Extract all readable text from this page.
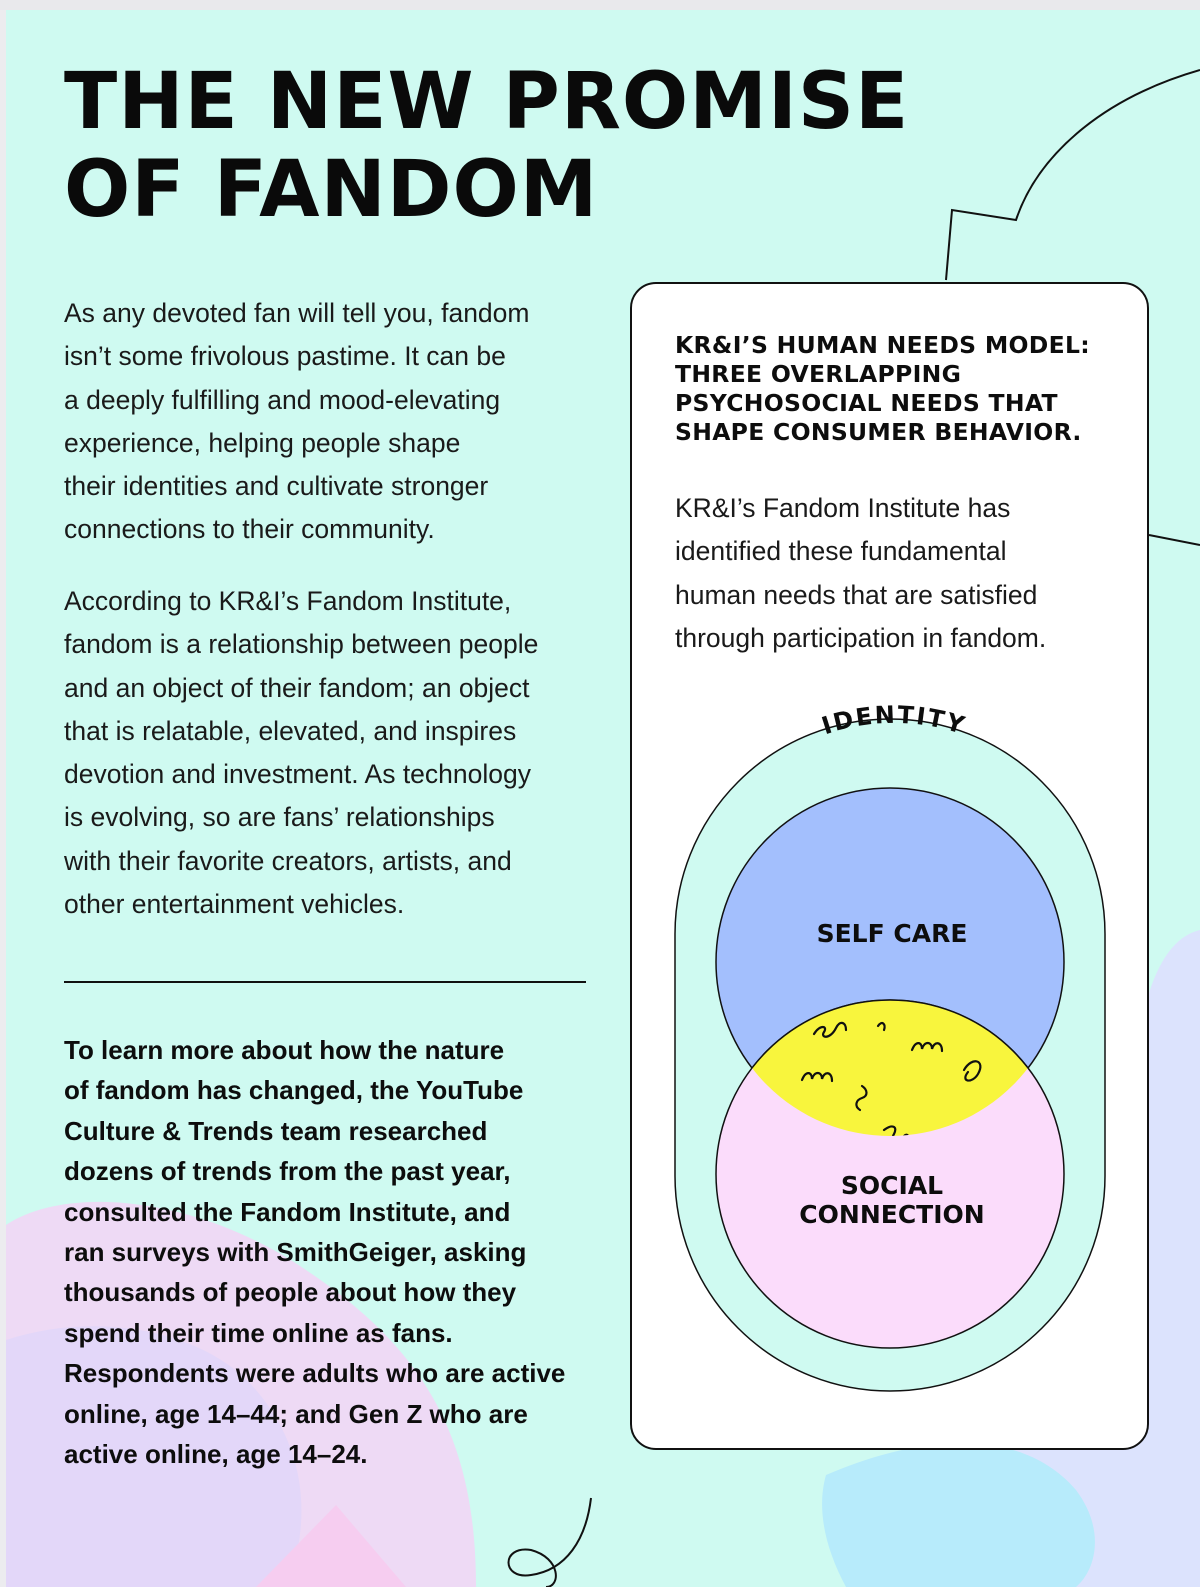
THE NEW PROMISE
OF FANDOM
As any devoted fan will tell you, fandom
isn’t some frivolous pastime. It can be
a deeply fulfilling and mood-elevating
experience, helping people shape
their identities and cultivate stronger
connections to their community.
According to KR&I’s Fandom Institute,
fandom is a relationship between people
and an object of their fandom; an object
that is relatable, elevated, and inspires
devotion and investment. As technology
is evolving, so are fans’ relationships
with their favorite creators, artists, and
other entertainment vehicles.
To learn more about how the nature
of fandom has changed, the YouTube
Culture & Trends team researched
dozens of trends from the past year,
consulted the Fandom Institute, and
ran surveys with SmithGeiger, asking
thousands of people about how they
spend their time online as fans.
Respondents were adults who are active
online, age 14–44; and Gen Z who are
active online, age 14–24.
KR&I’S HUMAN NEEDS MODEL:
THREE OVERLAPPING
PSYCHOSOCIAL NEEDS THAT
SHAPE CONSUMER BEHAVIOR.
KR&I’s Fandom Institute has
identified these fundamental
human needs that are satisfied
through participation in fandom.
IDENTITY
SELF CARE
SOCIAL
CONNECTION
